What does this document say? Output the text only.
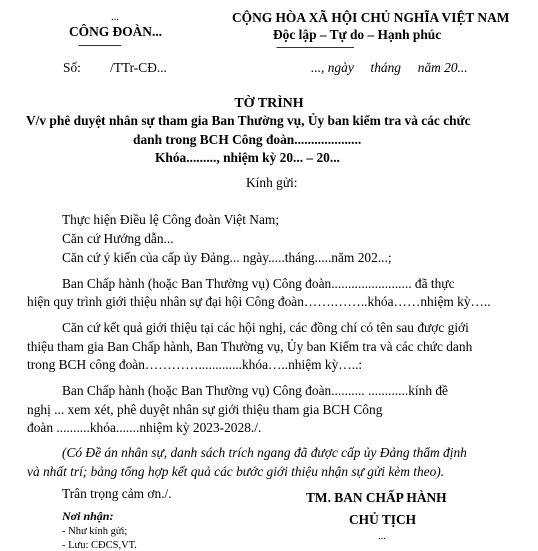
...
CÔNG ĐOÀN...
-----------------
CỘNG HÒA XÃ HỘI CHỦ NGHĨA VIỆT NAM
Độc lập – Tự do – Hạnh phúc
-------------------------------
Số: /TTr-CĐ...	..., ngày     tháng     năm 20...
TỜ TRÌNH
V/v phê duyệt nhân sự tham gia Ban Thường vụ, Ủy ban kiểm tra và các chức
danh trong BCH Công đoàn....................
Khóa........., nhiệm kỳ 20... – 20...
Kính gửi:
Thực hiện Điều lệ Công đoàn Việt Nam;
Căn cứ Hướng dẫn...
Căn cứ ý kiến của cấp ủy Đảng... ngày.....tháng.....năm 202...;
Ban Chấp hành (hoặc Ban Thường vụ) Công đoàn........................ đã thực
hiện quy trình giới thiệu nhân sự đại hội Công đoàn…….……..khóa……nhiệm kỳ…..
Căn cứ kết quả giới thiệu tại các hội nghị, các đồng chí có tên sau được giới
thiệu tham gia Ban Chấp hành, Ban Thường vụ, Ủy ban Kiểm tra và các chức danh
trong BCH công đoàn………….............khóa…..nhiệm kỳ…..:
Ban Chấp hành (hoặc Ban Thường vụ) Công đoàn.......... ............kính đề
nghị ... xem xét, phê duyệt nhân sự giới thiệu tham gia BCH Công
đoàn ..........khóa.......nhiệm kỳ 2023-2028./.
(Có Đề án nhân sự, danh sách trích ngang đã được cấp ủy Đảng thẩm định
và nhất trí; bảng tổng hợp kết quả các bước giới thiệu nhận sự gửi kèm theo).
Trân trọng cảm ơn./.
Nơi nhận:
- Như kính gửi;
- Lưu: CĐCS,VT.
TM. BAN CHẤP HÀNH
CHỦ TỊCH
...
